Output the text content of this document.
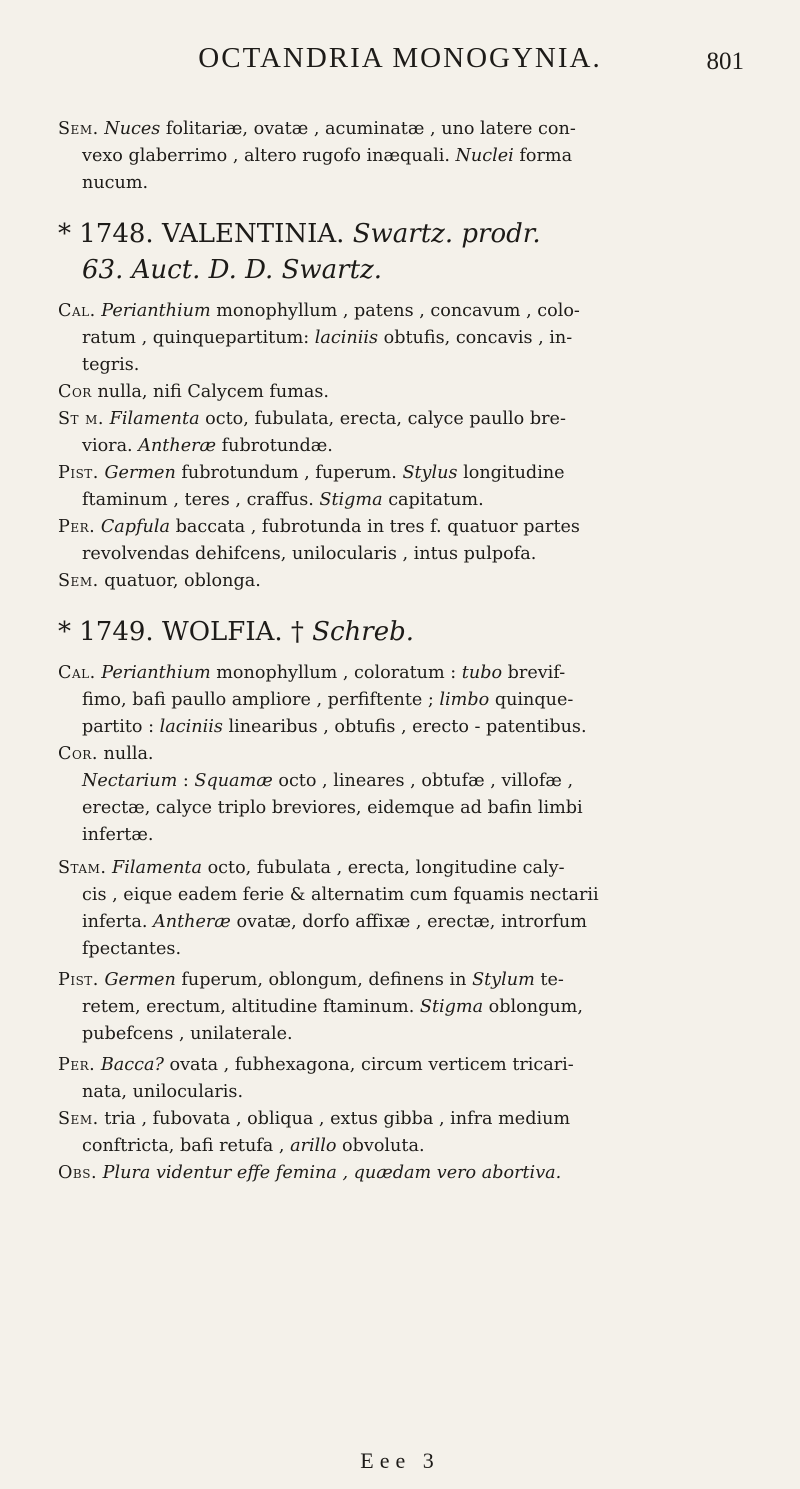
OCTANDRIA MONOGYNIA.	801
Sem. Nuces folitariæ, ovatæ , acuminatæ , uno latere con-
vexo glaberrimo , altero rugofo inæquali. Nuclei forma
nucum.
* 1748. VALENTINIA. Swartz. prodr.
63. Auct. D. D. Swartz.
Cal. Perianthium monophyllum , patens , concavum , colo-
ratum , quinquepartitum: laciniis obtufis, concavis , in-
tegris.
Cor nulla, nifi Calycem fumas.
St m. Filamenta octo, fubulata, erecta, calyce paullo bre-
viora. Antheræ fubrotundæ.
Pist. Germen fubrotundum , fuperum. Stylus longitudine
ftaminum , teres , craffus. Stigma capitatum.
Per. Capfula baccata , fubrotunda in tres f. quatuor partes
revolvendas dehifcens, unilocularis , intus pulpofa.
Sem. quatuor, oblonga.
* 1749. WOLFIA. † Schreb.
Cal. Perianthium monophyllum , coloratum : tubo brevif-
fimo, bafi paullo ampliore , perfiftente ; limbo quinque-
partito : laciniis linearibus , obtufis , erecto - patentibus.
Cor. nulla.
Nectarium : Squamæ octo , lineares , obtufæ , villofæ ,
erectæ, calyce triplo breviores, eidemque ad bafin limbi
infertæ.
Stam. Filamenta octo, fubulata , erecta, longitudine caly-
cis , eique eadem ferie & alternatim cum fquamis nectarii
inferta. Antheræ ovatæ, dorfo affixæ , erectæ, introrfum
fpectantes.
Pist. Germen fuperum, oblongum, definens in Stylum te-
retem, erectum, altitudine ftaminum. Stigma oblongum,
pubefcens , unilaterale.
Per. Bacca? ovata , fubhexagona, circum verticem tricari-
nata, unilocularis.
Sem. tria , fubovata , obliqua , extus gibba , infra medium
conftricta, bafi retufa , arillo obvoluta.
Obs. Plura videntur effe femina , quædam vero abortiva.
Eee 3
